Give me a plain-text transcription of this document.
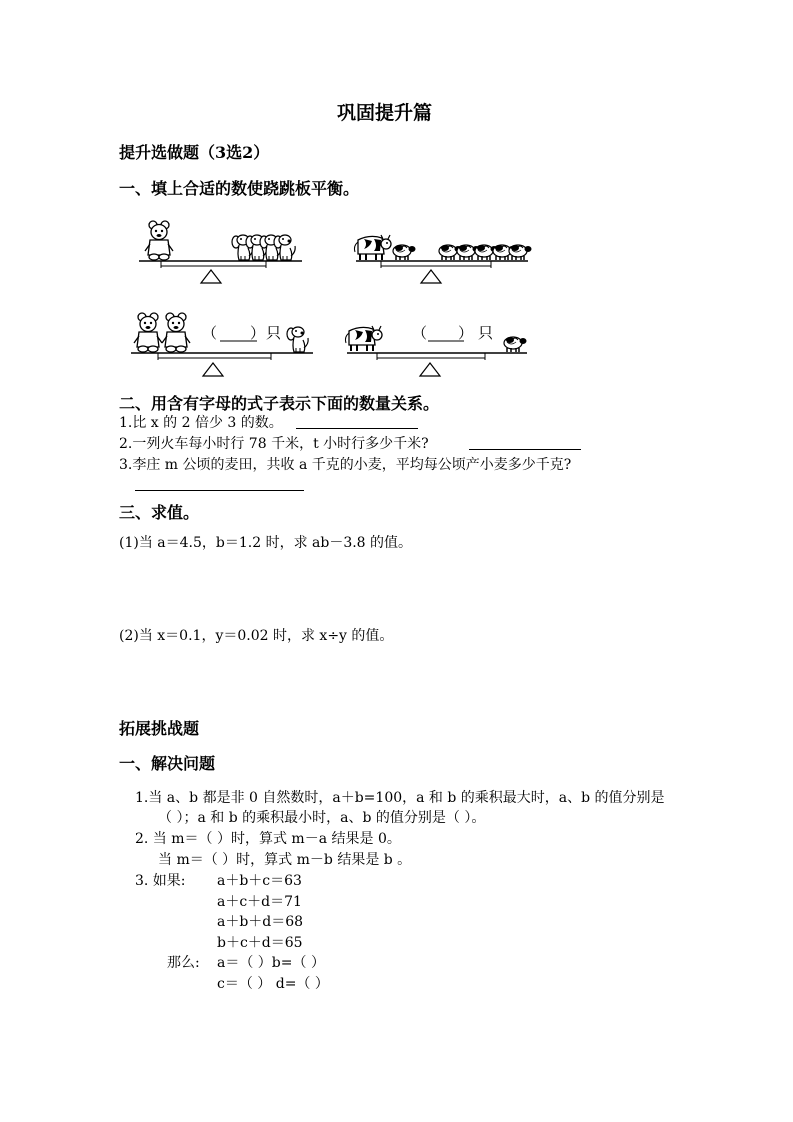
巩固提升篇
提升选做题（3选2）
一、填上合适的数使跷跳板平衡。
（ ） 只	（ ） 只
二、用含有字母的式子表示下面的数量关系。
1.比 x 的 2 倍少 3 的数。
2.一列火车每小时行 78 千米，t 小时行多少千米?
3.李庄 m 公顷的麦田，共收 a 千克的小麦，平均每公顷产小麦多少千克?
三、求值。
(1)当 a＝4.5，b＝1.2 时，求 ab－3.8 的值。
(2)当 x＝0.1，y＝0.02 时，求 x÷y 的值。
拓展挑战题
一、解决问题
1.当 a、b 都是非 0 自然数时，a＋b=100，a 和 b 的乘积最大时，a、b 的值分别是
（ ）；a 和 b 的乘积最小时，a、b 的值分别是（ ）。
2. 当 m＝（ ）时，算式 m－a 结果是 0。
当 m＝（ ）时，算式 m－b 结果是 b 。
3. 如果: a＋b＋c＝63
a＋c＋d＝71
a＋b＋d＝68
b＋c＋d＝65
那么: a＝（ ）b=（ ）
c＝（ ） d=（ ）
